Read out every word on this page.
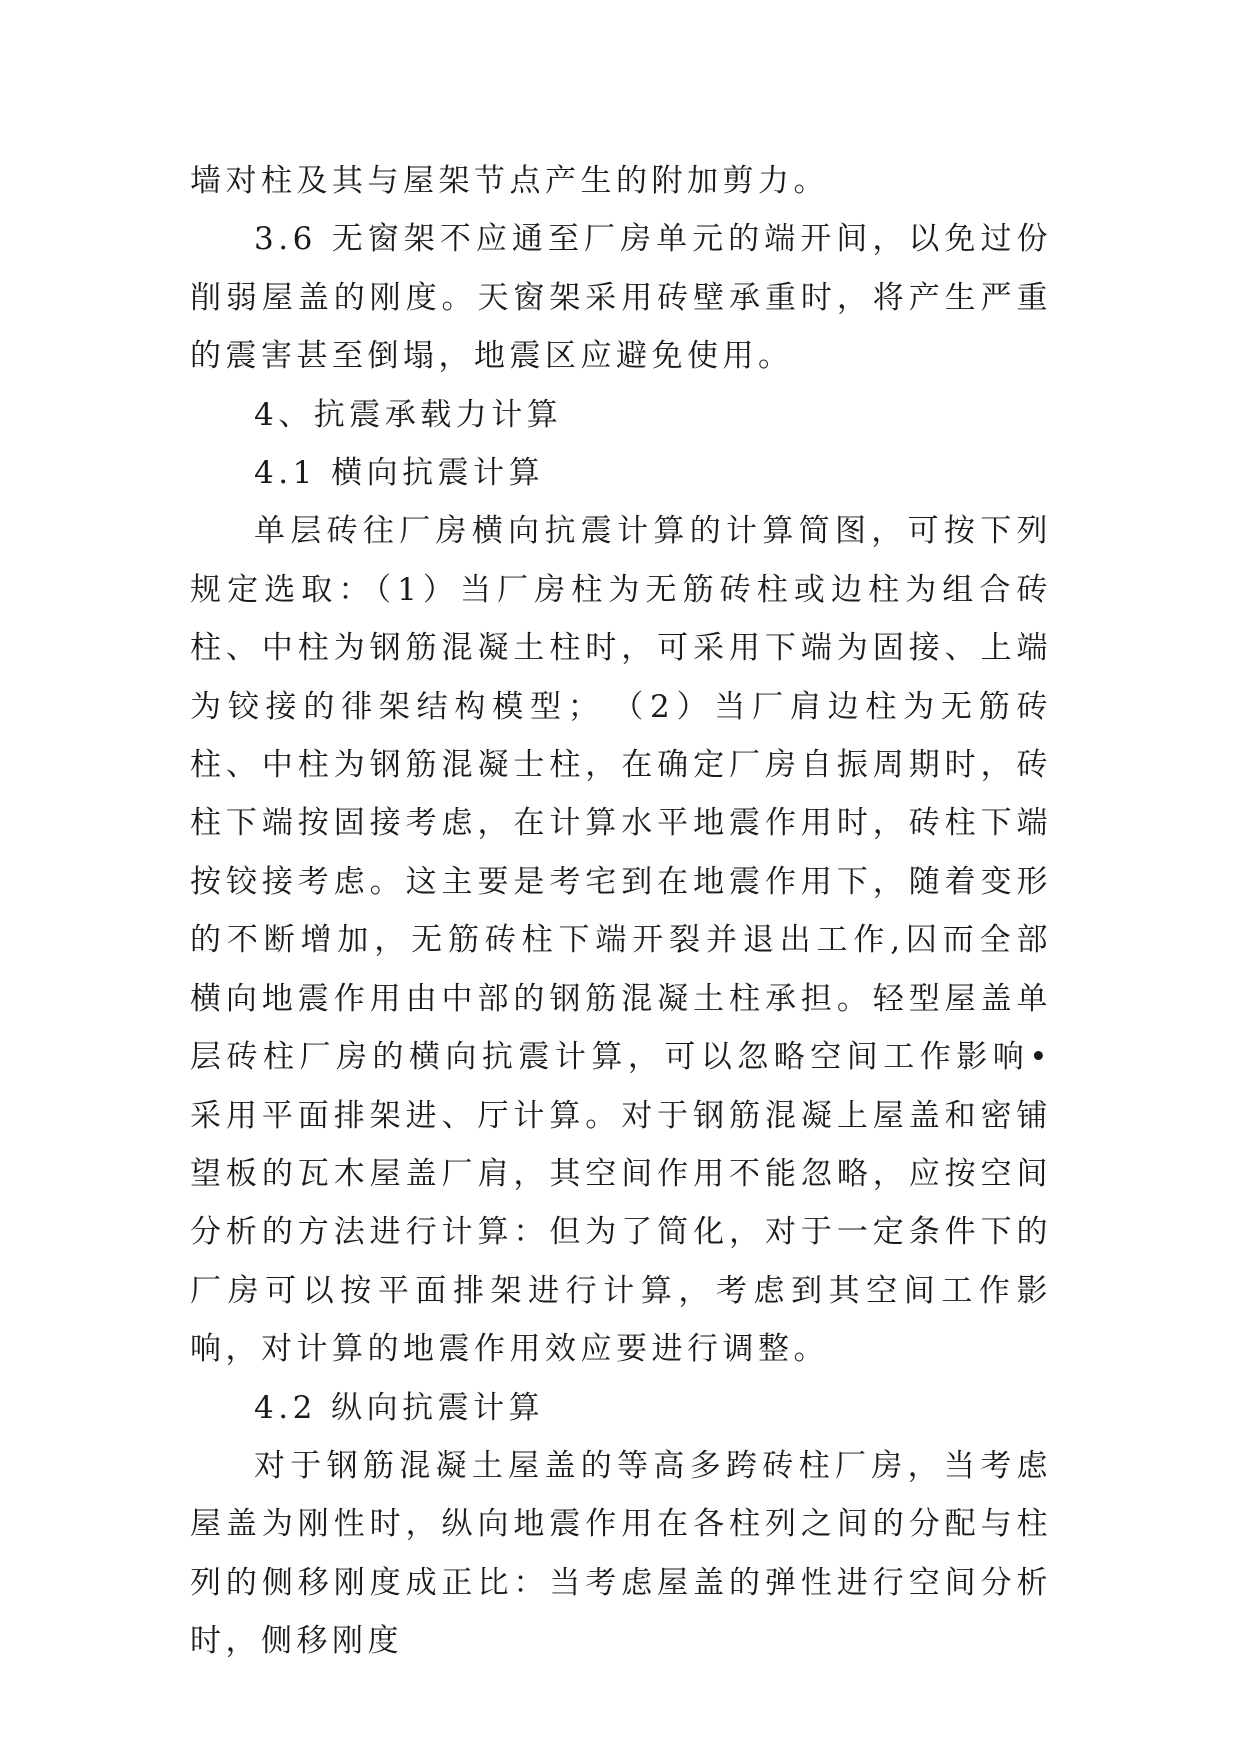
墙对柱及其与屋架节点产生的附加剪力。

3.6 无窗架不应通至厂房单元的端开间，以免过份削弱屋盖的刚度。天窗架采用砖壁承重时，将产生严重的震害甚至倒塌，地震区应避免使用。

4、抗震承载力计算

4.1 横向抗震计算

单层砖往厂房横向抗震计算的计算简图，可按下列规定选取：（1）当厂房柱为无筋砖柱或边柱为组合砖柱、中柱为钢筋混凝土柱时，可采用下端为固接、上端为铰接的徘架结构模型；　（2）当厂肩边柱为无筋砖柱、中柱为钢筋混凝士柱，在确定厂房自振周期时，砖柱下端按固接考虑，在计算水平地震作用时，砖柱下端按铰接考虑。这主要是考宅到在地震作用下，随着变形的不断增加，无筋砖柱下端开裂并退出工作,囚而全部横向地震作用由中部的钢筋混凝土柱承担。轻型屋盖单层砖柱厂房的横向抗震计算，可以忽略空间工作影响•采用平面排架进、厅计算。对于钢筋混凝上屋盖和密铺望板的瓦木屋盖厂肩，其空间作用不能忽略，应按空间分析的方法进行计算：但为了简化，对于一定条件下的厂房可以按平面排架进行计算，考虑到其空间工作影响，对计算的地震作用效应要进行调整。

4.2 纵向抗震计算

对于钢筋混凝土屋盖的等高多跨砖柱厂房，当考虑屋盖为刚性时，纵向地震作用在各柱列之间的分配与柱列的侧移刚度成正比：当考虑屋盖的弹性进行空间分析时，侧移刚度
